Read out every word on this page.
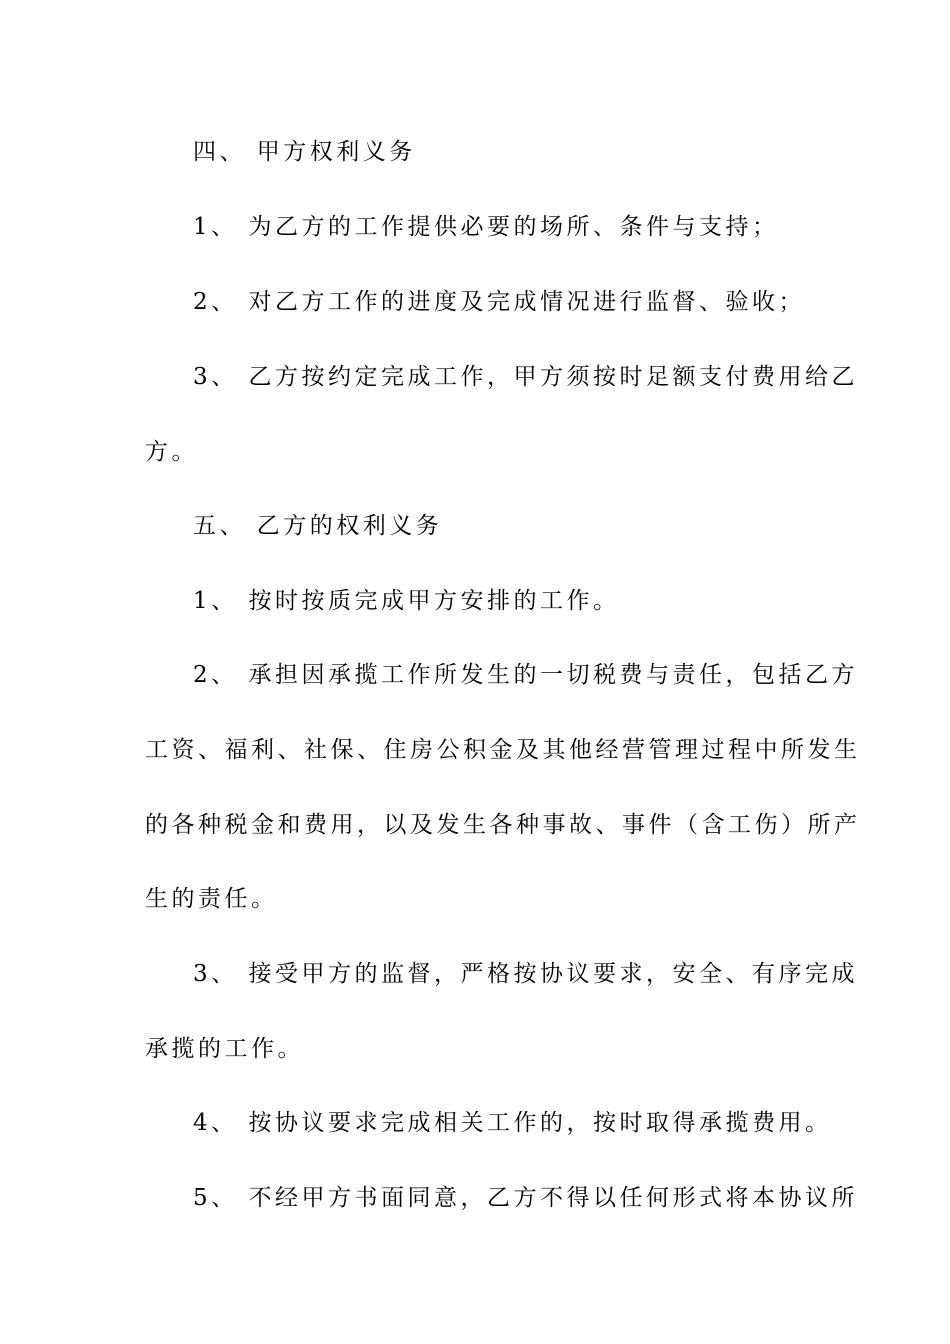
四、 甲方权利义务
1、 为乙方的工作提供必要的场所、条件与支持；
2、 对乙方工作的进度及完成情况进行监督、验收；
3、 乙方按约定完成工作，甲方须按时足额支付费用给乙
方。
五、 乙方的权利义务
1、 按时按质完成甲方安排的工作。
2、 承担因承揽工作所发生的一切税费与责任，包括乙方
工资、福利、社保、住房公积金及其他经营管理过程中所发生
的各种税金和费用，以及发生各种事故、事件（含工伤）所产
生的责任。
3、 接受甲方的监督，严格按协议要求，安全、有序完成
承揽的工作。
4、 按协议要求完成相关工作的，按时取得承揽费用。
5、 不经甲方书面同意，乙方不得以任何形式将本协议所
